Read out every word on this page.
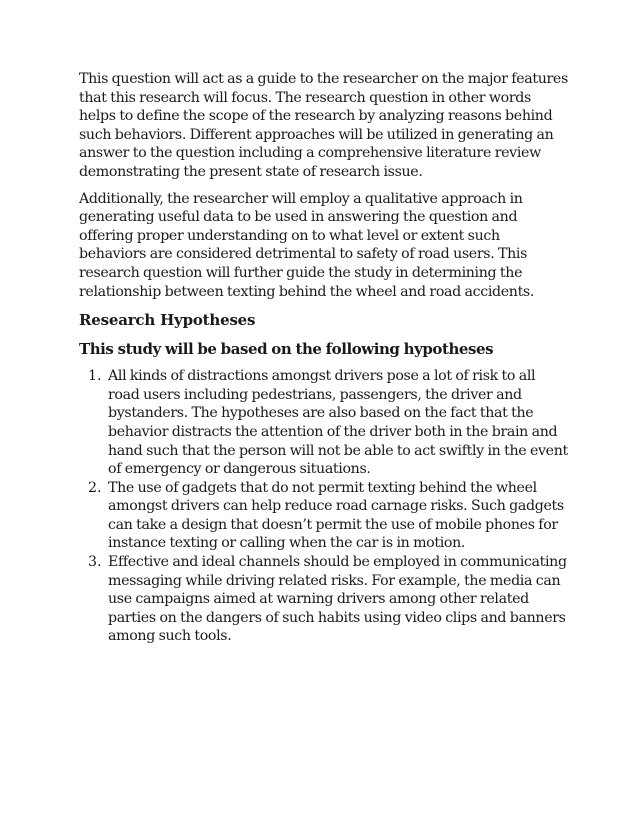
This question will act as a guide to the researcher on the major features that this research will focus. The research question in other words helps to define the scope of the research by analyzing reasons behind such behaviors. Different approaches will be utilized in generating an answer to the question including a comprehensive literature review demonstrating the present state of research issue.

Additionally, the researcher will employ a qualitative approach in generating useful data to be used in answering the question and offering proper understanding on to what level or extent such behaviors are considered detrimental to safety of road users. This research question will further guide the study in determining the relationship between texting behind the wheel and road accidents.

Research Hypotheses
This study will be based on the following hypotheses
1. All kinds of distractions amongst drivers pose a lot of risk to all road users including pedestrians, passengers, the driver and bystanders. The hypotheses are also based on the fact that the behavior distracts the attention of the driver both in the brain and hand such that the person will not be able to act swiftly in the event of emergency or dangerous situations.
2. The use of gadgets that do not permit texting behind the wheel amongst drivers can help reduce road carnage risks. Such gadgets can take a design that doesn’t permit the use of mobile phones for instance texting or calling when the car is in motion.
3. Effective and ideal channels should be employed in communicating messaging while driving related risks. For example, the media can use campaigns aimed at warning drivers among other related parties on the dangers of such habits using video clips and banners among such tools.
